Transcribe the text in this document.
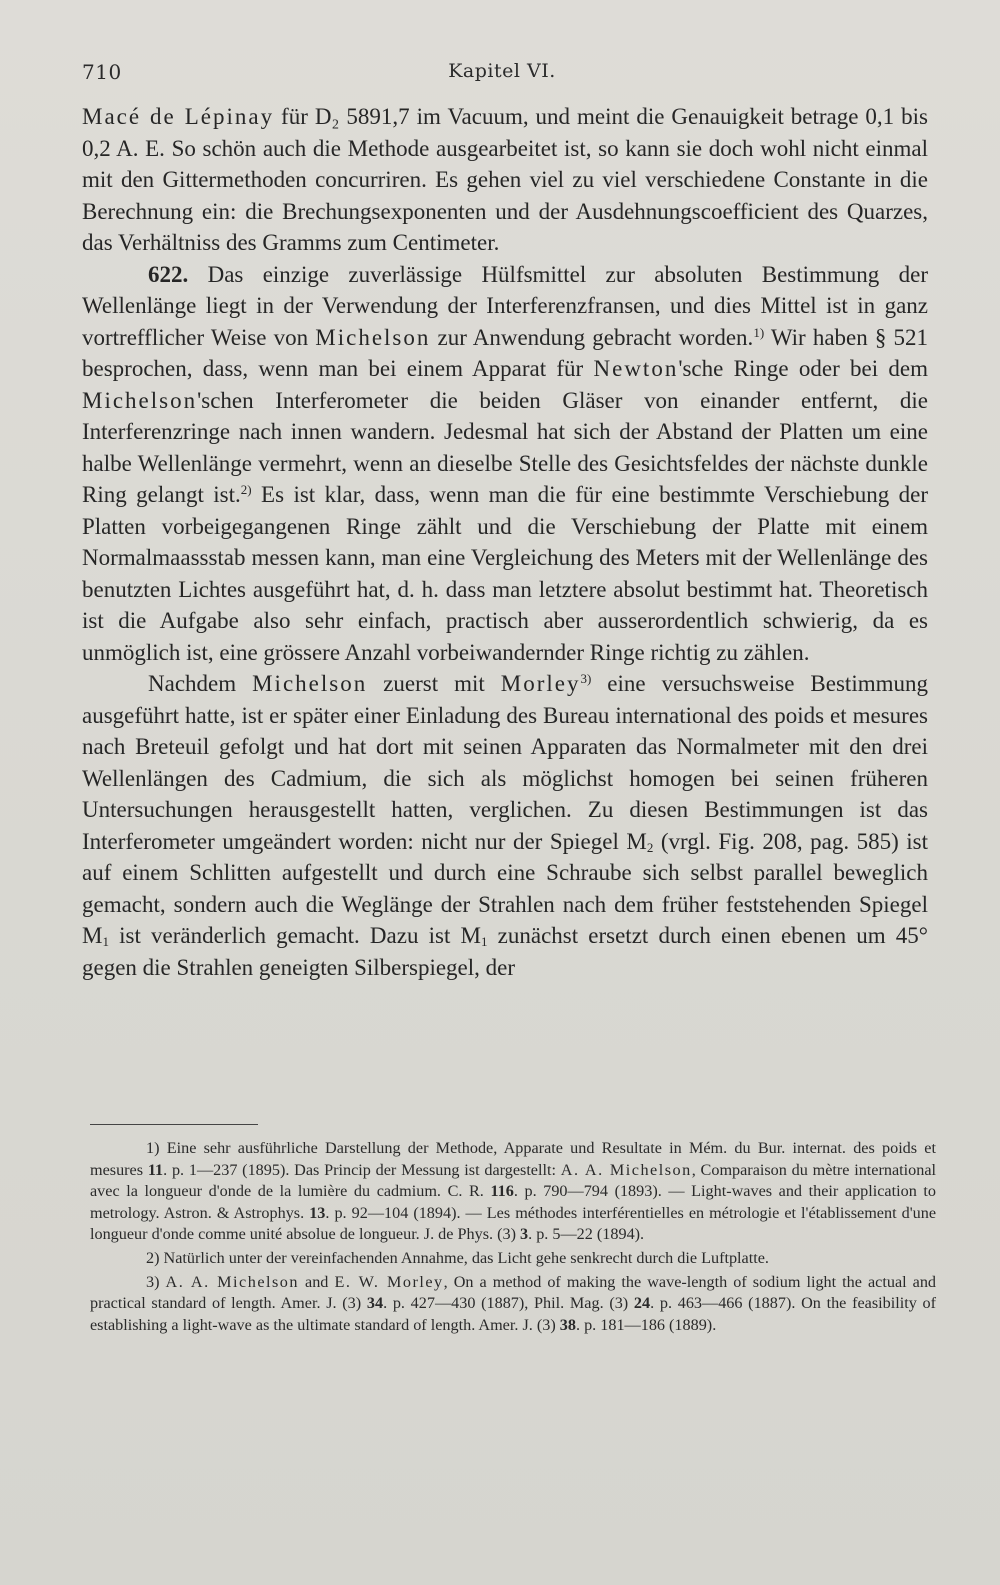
710	Kapitel VI.

Macé de Lépinay für D₂ 5891,7 im Vacuum, und meint die Genauigkeit betrage 0,1 bis 0,2 A. E. So schön auch die Methode ausgearbeitet ist, so kann sie doch wohl nicht einmal mit den Gittermethoden concurriren. Es gehen viel zu viel verschiedene Constante in die Berechnung ein: die Brechungsexponenten und der Ausdehnungscoefficient des Quarzes, das Verhältniss des Gramms zum Centimeter.

622. Das einzige zuverlässige Hülfsmittel zur absoluten Bestimmung der Wellenlänge liegt in der Verwendung der Interferenzfransen, und dies Mittel ist in ganz vortrefflicher Weise von Michelson zur Anwendung gebracht worden.$^{1)}$ Wir haben § 521 besprochen, dass, wenn man bei einem Apparat für Newton'sche Ringe oder bei dem Michelson'schen Interferometer die beiden Gläser von einander entfernt, die Interferenzringe nach innen wandern. Jedesmal hat sich der Abstand der Platten um eine halbe Wellenlänge vermehrt, wenn an dieselbe Stelle des Gesichtsfeldes der nächste dunkle Ring gelangt ist.$^{2)}$ Es ist klar, dass, wenn man die für eine bestimmte Verschiebung der Platten vorbeigegangenen Ringe zählt und die Verschiebung der Platte mit einem Normalmaassstab messen kann, man eine Vergleichung des Meters mit der Wellenlänge des benutzten Lichtes ausgeführt hat, d. h. dass man letztere absolut bestimmt hat. Theoretisch ist die Aufgabe also sehr einfach, practisch aber ausserordentlich schwierig, da es unmöglich ist, eine grössere Anzahl vorbeiwandernder Ringe richtig zu zählen.

Nachdem Michelson zuerst mit Morley$^{3)}$ eine versuchsweise Bestimmung ausgeführt hatte, ist er später einer Einladung des Bureau international des poids et mesures nach Breteuil gefolgt und hat dort mit seinen Apparaten das Normalmeter mit den drei Wellenlängen des Cadmium, die sich als möglichst homogen bei seinen früheren Untersuchungen herausgestellt hatten, verglichen. Zu diesen Bestimmungen ist das Interferometer umgeändert worden: nicht nur der Spiegel $M_2$ (vrgl. Fig. 208, pag. 585) ist auf einem Schlitten aufgestellt und durch eine Schraube sich selbst parallel beweglich gemacht, sondern auch die Weglänge der Strahlen nach dem früher feststehenden Spiegel $M_1$ ist veränderlich gemacht. Dazu ist $M_1$ zunächst ersetzt durch einen ebenen um 45° gegen die Strahlen geneigten Silberspiegel, der

1) Eine sehr ausführliche Darstellung der Methode, Apparate und Resultate in Mém. du Bur. internat. des poids et mesures 11. p. 1—237 (1895). Das Princip der Messung ist dargestellt: A. A. Michelson, Comparaison du mètre international avec la longueur d'onde de la lumière du cadmium. C. R. 116. p. 790—794 (1893). — Light-waves and their application to metrology. Astron. & Astrophys. 13. p. 92—104 (1894). — Les méthodes interférentielles en métrologie et l'établissement d'une longueur d'onde comme unité absolue de longueur. J. de Phys. (3) 3. p. 5—22 (1894).

2) Natürlich unter der vereinfachenden Annahme, das Licht gehe senkrecht durch die Luftplatte.

3) A. A. Michelson and E. W. Morley, On a method of making the wave-length of sodium light the actual and practical standard of length. Amer. J. (3) 34. p. 427—430 (1887), Phil. Mag. (3) 24. p. 463—466 (1887). On the feasibility of establishing a light-wave as the ultimate standard of length. Amer. J. (3) 38. p. 181—186 (1889).
